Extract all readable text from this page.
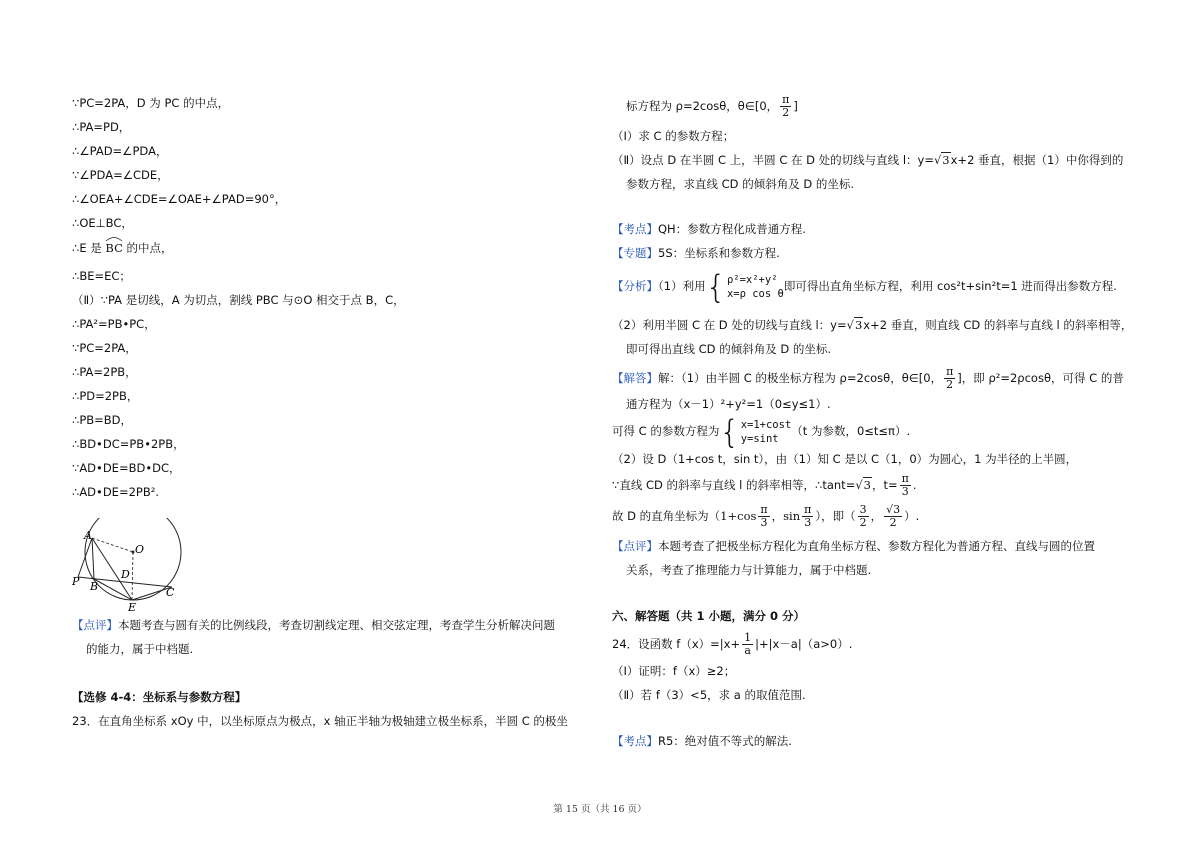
∵PC=2PA，D 为 PC 的中点，
∴PA=PD，
∴∠PAD=∠PDA，
∵∠PDA=∠CDE，
∴∠OEA+∠CDE=∠OAE+∠PAD=90°，
∴OE⊥BC，
∴E 是 BC 的中点，
∴BE=EC；
（Ⅱ）∵PA 是切线，A 为切点，割线 PBC 与⊙O 相交于点 B，C，
∴PA²=PB•PC，
∵PC=2PA，
∴PA=2PB，
∴PD=2PB，
∴PB=BD，
∴BD•DC=PB•2PB，
∵AD•DE=BD•DC，
∴AD•DE=2PB².
【点评】本题考查与圆有关的比例线段，考查切割线定理、相交弦定理，考查学生分析解决问题
的能力，属于中档题.
【选修 4-4：坐标系与参数方程】
23．在直角坐标系 xOy 中，以坐标原点为极点，x 轴正半轴为极轴建立极坐标系，半圆 C 的极坐
A
O
D
P B	C
E
标方程为 ρ=2cosθ，θ∈[0， $\frac{\pi}{2}$ ]
（Ⅰ）求 C 的参数方程；
（Ⅱ）设点 D 在半圆 C 上，半圆 C 在 D 处的切线与直线 l：y=√3x+2 垂直，根据（1）中你得到的
参数方程，求直线 CD 的倾斜角及 D 的坐标.
【考点】QH：参数方程化成普通方程.
【专题】5S：坐标系和参数方程.
【分析】（1）利用{ ρ²=x²+y²
x=ρ cos θ
即可得出直角坐标方程，利用 cos²t+sin²t=1 进而得出参数方程.
（2）利用半圆 C 在 D 处的切线与直线 l：y=√3x+2 垂直，则直线 CD 的斜率与直线 l 的斜率相等，
即可得出直线 CD 的倾斜角及 D 的坐标.
【解答】解：（1）由半圆 C 的极坐标方程为 ρ=2cosθ，θ∈[0， $\frac{\pi}{2}$ ]，即 ρ²=2ρcosθ，可得 C 的普
通方程为（x－1）²+y²=1（0≤y≤1）.
可得 C 的参数方程为{ x=1+cost
y=sint
（t 为参数，0≤t≤π）.
（2）设 D（1+cos t，sin t），由（1）知 C 是以 C（1，0）为圆心，1 为半径的上半圆，
∵直线 CD 的斜率与直线 l 的斜率相等，∴tant=√3，$t= \frac{\pi}{3}$ .
故 D 的直角坐标为（$1+\cos \frac{\pi}{3}$ ，$\sin \frac{\pi}{3}$ ），即（ $\frac{3}{2}$ ， $\frac{√3}{2}$ ）.
【点评】本题考查了把极坐标方程化为直角坐标方程、参数方程化为普通方程、直线与圆的位置
关系，考查了推理能力与计算能力，属于中档题.
六、解答题（共 1 小题，满分 0 分）
24．设函数 $f(x)=|x+ \frac{1}{a} |+|x-a|(a>0)$.
（Ⅰ）证明：f（x）≥2；
（Ⅱ）若 f（3）<5，求 a 的取值范围.
【考点】R5：绝对值不等式的解法.
第 15 页（共 16 页）
